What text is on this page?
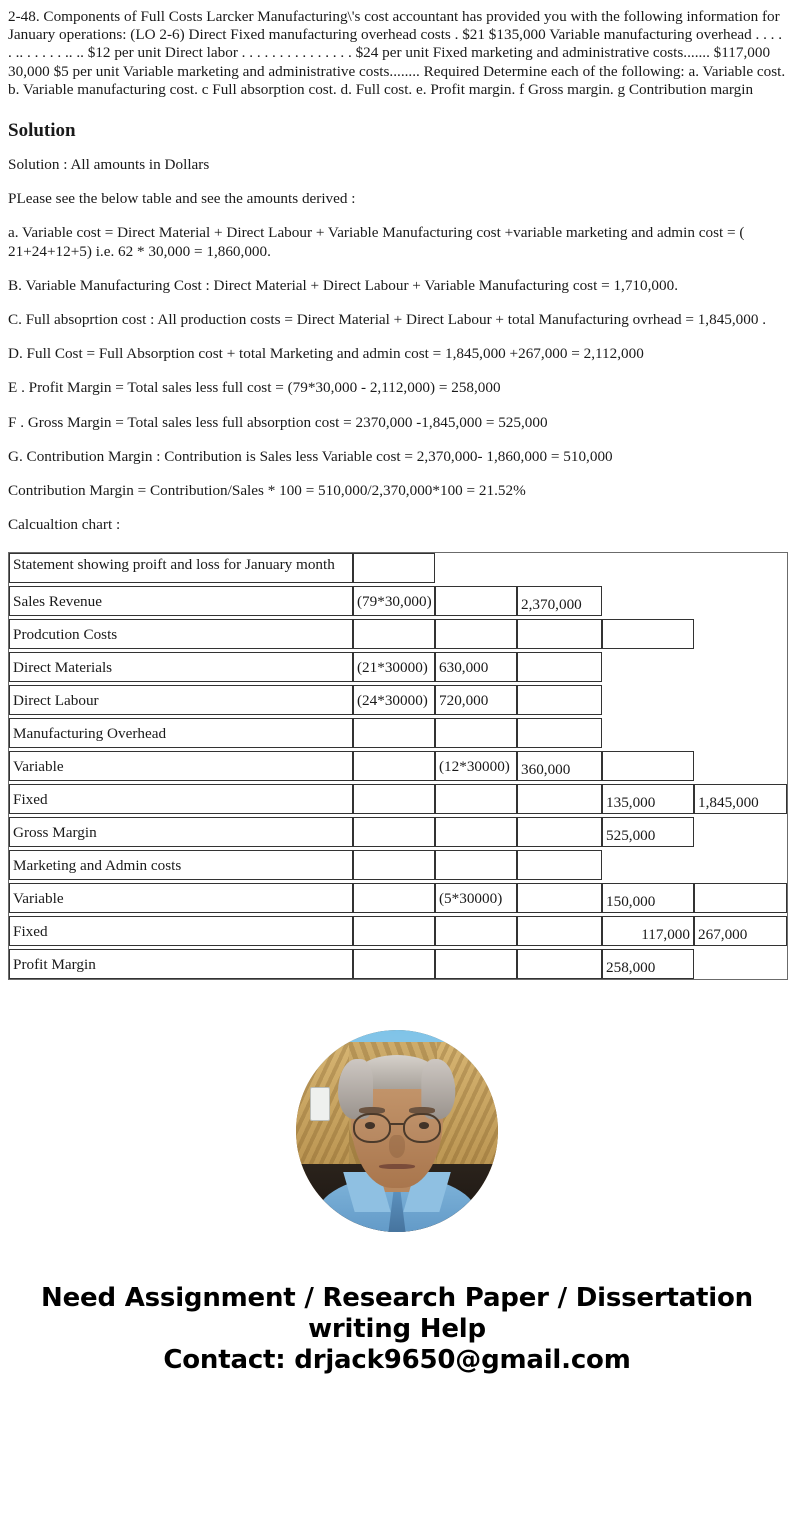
2-48. Components of Full Costs Larcker Manufacturing\'s cost accountant has provided you with the following information for January operations: (LO 2-6) Direct Fixed manufacturing overhead costs . $21 $135,000 Variable manufacturing overhead . . . . . .. . . . . . .. .. $12 per unit Direct labor . . . . . . . . . . . . . . . $24 per unit Fixed marketing and administrative costs....... $117,000 30,000 $5 per unit Variable marketing and administrative costs........ Required Determine each of the following: a. Variable cost. b. Variable manufacturing cost. c Full absorption cost. d. Full cost. e. Profit margin. f Gross margin. g Contribution margin

Solution

Solution : All amounts in Dollars

PLease see the below table and see the amounts derived :

a. Variable cost = Direct Material + Direct Labour + Variable Manufacturing cost +variable marketing and admin cost = ( 21+24+12+5) i.e. 62 * 30,000 = 1,860,000.

B. Variable Manufacturing Cost : Direct Material + Direct Labour + Variable Manufacturing cost = 1,710,000.

C. Full absoprtion cost : All production costs = Direct Material + Direct Labour + total Manufacturing ovrhead = 1,845,000 .

D. Full Cost = Full Absorption cost + total Marketing and admin cost = 1,845,000 +267,000 = 2,112,000

E . Profit Margin = Total sales less full cost = (79*30,000 - 2,112,000) = 258,000

F . Gross Margin = Total sales less full absorption cost = 2370,000 -1,845,000 = 525,000

G. Contribution Margin : Contribution is Sales less Variable cost = 2,370,000- 1,860,000 = 510,000

Contribution Margin = Contribution/Sales * 100 = 510,000/2,370,000*100 = 21.52%

Calcualtion chart :

Statement showing proift and loss for January month					

Sales Revenue	(79*30,000)		2,370,000		

Prodcution Costs					

Direct Materials	(21*30000)	630,000			

Direct Labour	(24*30000)	720,000			

Manufacturing Overhead					

Variable		(12*30000)	360,000		

Fixed				135,000	1,845,000

Gross Margin				525,000	

Marketing and Admin costs					

Variable		(5*30000)		150,000	

Fixed				117,000	267,000

Profit Margin				258,000	
Need Assignment / Research Paper / Dissertation
writing Help
Contact: drjack9650@gmail.com
